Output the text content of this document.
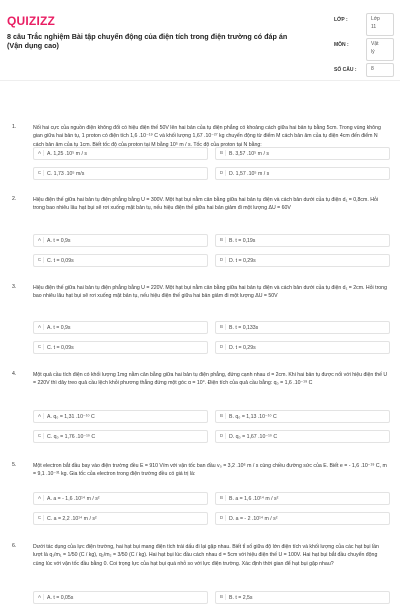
QUIZIZZ
8 câu Trắc nghiệm Bài tập chuyển động của điện tích trong điện trường có đáp án (Vận dụng cao)
LỚP :	Lớp
11
MÔN :	Vật
lý
SỐ CÂU :	8
1.	Nối hai cực của nguồn điện không đổi có hiệu điện thế 50V lên hai bản của tụ điện phẳng có khoảng cách giữa hai bản tụ bằng 5cm. Trong vùng không gian giữa hai bản tụ, 1 proton có điện tích 1,6 .10⁻¹⁹ C và khối lượng 1,67 .10⁻²⁷ kg chuyển động từ điểm M cách bản âm của tụ điện 4cm đến điểm N cách bản âm của tụ 1cm. Biết tốc độ của proton tại M bằng 10⁵ m / s. Tốc độ của proton tại N bằng:
A	A. 1,25 .10⁵ m / s	B	B. 3,57 .10⁵ m / s
C	C. 1,73 .10⁵ m/s	D	D. 1,57 .10⁵ m / s
2.	Hiệu điện thế giữa hai bản tụ điện phẳng bằng U = 300V. Một hạt bụi nằm cân bằng giữa hai bản tụ điện và cách bản dưới của tụ điện d₁ = 0,8cm. Hỏi trong bao nhiêu lâu hạt bụi sẽ rơi xuống mặt bản tụ, nếu hiệu điện thế giữa hai bản giảm đi một lượng ΔU = 60V
A	A. t = 0,9s	B	B. t = 0,19s
C	C. t = 0,09s	D	D. t = 0,29s
3.	Hiệu điện thế giữa hai bản tụ điện phẳng bằng U = 220V. Một hạt bụi nằm cân bằng giữa hai bản tụ điện và cách bản dưới của tụ điện d₁ = 2cm. Hỏi trong bao nhiêu lâu hạt bụi sẽ rơi xuống mặt bản tụ, nếu hiệu điện thế giữa hai bản giảm đi một lượng ΔU = 50V
A	A. t = 0,9s	B	B. t = 0,133s
C	C. t = 0,09s	D	D. t = 0,29s
4.	Một quả cầu tích điện có khối lượng 1mg nằm cân bằng giữa hai bản tụ điện phẳng, đứng cạnh nhau d = 2cm. Khi hai bản tụ được nối với hiệu điện thế U = 220V thì dây treo quả cầu lệch khỏi phương thẳng đứng một góc α = 10°. Điện tích của quả cầu bằng: q₀ = 1,6 .10⁻¹⁹ C
A	A. q₀ = 1,31 .10⁻¹⁰ C	B	B. q₀ = 1,13 .10⁻¹⁰ C
C	C. q₀ = 1,76 .10⁻¹⁰ C	D	D. q₀ = 1,67 .10⁻¹⁰ C
5.	Một electron bắt đầu bay vào điện trường đều E = 910 V/m với vận tốc ban đầu v₀ = 3,2 .10⁶ m / s cùng chiều đường sức của E. Biết e = - 1,6 .10⁻¹⁹ C, m = 9,1 .10⁻³¹ kg. Gia tốc của electron trong điện trường đều có giá trị là:
A	A. a = - 1,6 .10¹⁴ m / s²	B	B. a = 1,6 .10¹⁴ m / s²
C	C. a = 2,2 .10¹⁴ m / s²	D	D. a = - 2 .10¹⁴ m / s²
6.	Dưới tác dụng của lực điện trường, hai hạt bụi mang điện tích trái dấu đi lại gặp nhau. Biết tỉ số giữa độ lớn điện tích và khối lượng của các hạt bụi lần lượt là q₁/m₁ = 1/50 (C / kg), q₂/m₂ = 3/50 (C / kg). Hai hạt bụi lúc đầu cách nhau d = 5cm với hiệu điện thế U = 100V. Hai hạt bụi bắt đầu chuyển động cùng lúc với vận tốc đầu bằng 0. Coi trọng lực của hạt bụi quá nhỏ so với lực điện trường. Xác định thời gian để hạt bụi gặp nhau?
A	A. t = 0,05s	B	B. t = 2,5s
